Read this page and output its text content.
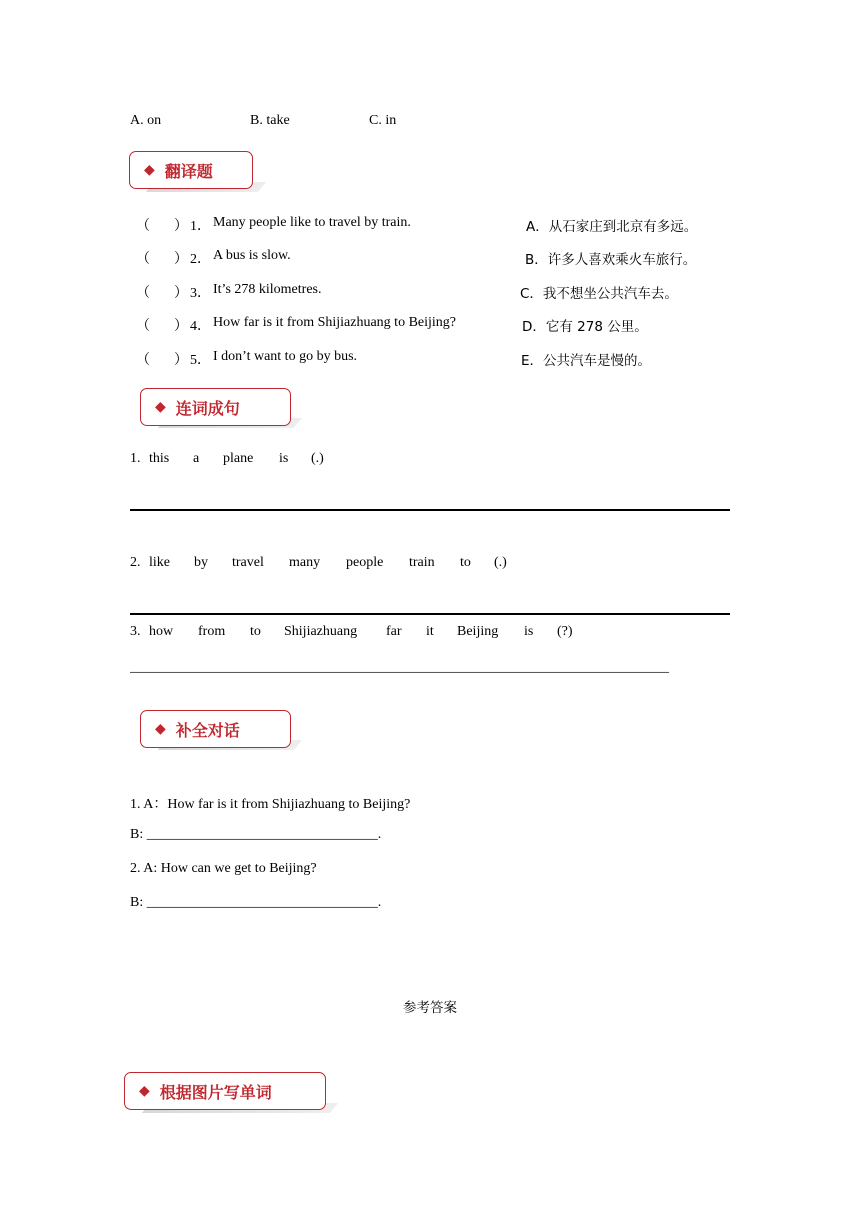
A. on	B. take	C. in
◆ 翻译题
（ ） 1． Many people like to travel by train.	A．从石家庄到北京有多远。
（ ） 2． A bus is slow.	B．许多人喜欢乘火车旅行。
（ ） 3． It’s 278 kilometres.	C．我不想坐公共汽车去。
（ ） 4． How far is it from Shijiazhuang to Beijing?	D．它有 278 公里。
（ ） 5． I don’t want to go by bus.	E．公共汽车是慢的。
◆ 连词成句
1. this a plane is (.)
2. like by travel many people train to (.)
3. how from to Shijiazhuang far it Beijing is (?)
_____________________________________________________________________________
◆ 补全对话
1. A：How far is it from Shijiazhuang to Beijing?
B: _________________________________.
2. A: How can we get to Beijing?
B: _________________________________.
参考答案
◆ 根据图片写单词
